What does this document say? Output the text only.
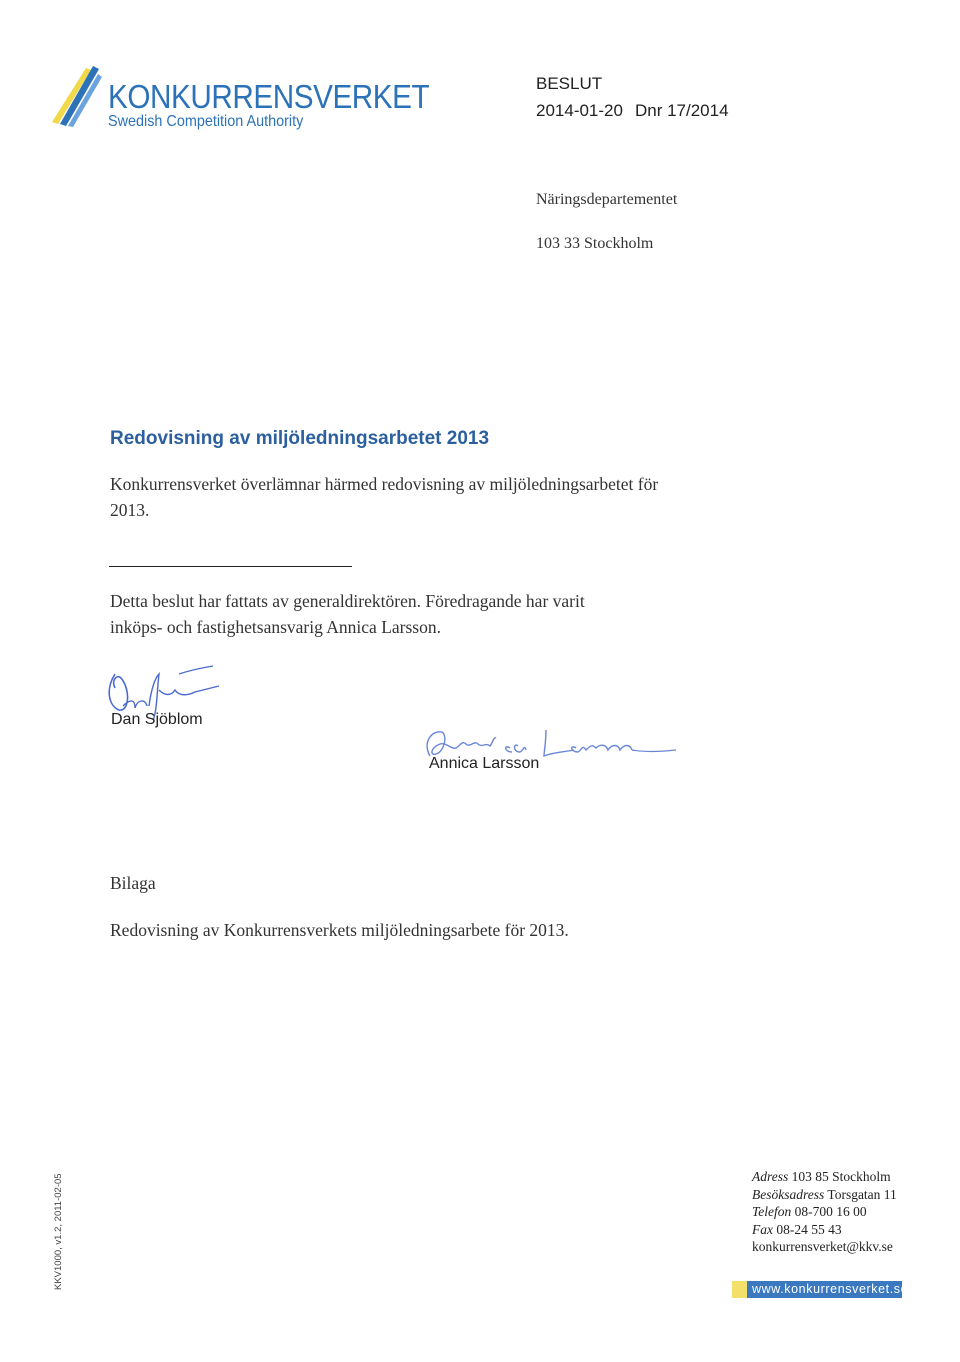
KONKURRENSVERKET
Swedish Competition Authority
BESLUT
2014-01-20 Dnr 17/2014
Näringsdepartementet
103 33 Stockholm
Redovisning av miljöledningsarbetet 2013
Konkurrensverket överlämnar härmed redovisning av miljöledningsarbetet för
2013.
Detta beslut har fattats av generaldirektören. Föredragande har varit
inköps- och fastighetsansvarig Annica Larsson.
Dan Sjöblom
Annica Larsson
Bilaga
Redovisning av Konkurrensverkets miljöledningsarbete för 2013.
Adress 103 85 Stockholm
Besöksadress Torsgatan 11
Telefon 08-700 16 00
Fax 08-24 55 43
konkurrensverket@kkv.se
www.konkurrensverket.se
KKV1000, v1.2, 2011-02-05
